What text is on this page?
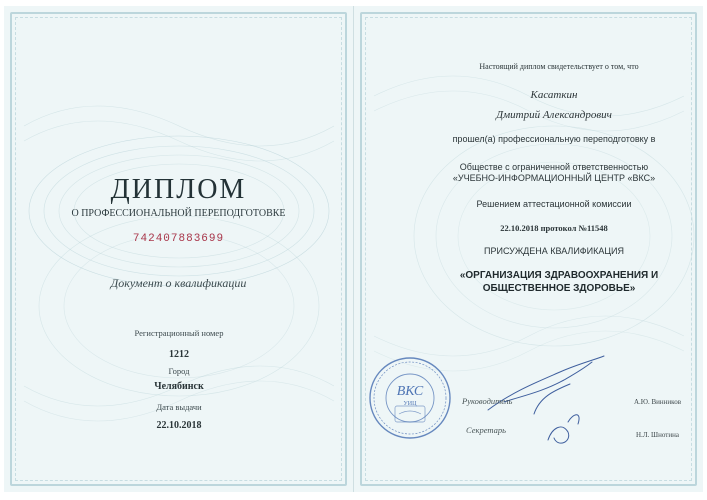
ДИПЛОМ
О ПРОФЕССИОНАЛЬНОЙ ПЕРЕПОДГОТОВКЕ
742407883699
Документ о квалификации
Регистрационный номер
1212
Город
Челябинск
Дата выдачи
22.10.2018
Настоящий диплом свидетельствует о том, что
Касаткин
Дмитрий Александрович
прошел(а) профессиональную переподготовку в
Обществе с ограниченной ответственностью
«УЧЕБНО-ИНФОРМАЦИОННЫЙ ЦЕНТР «ВКС»
Решением аттестационной комиссии
22.10.2018 протокол №11548
ПРИСУЖДЕНА КВАЛИФИКАЦИЯ
«ОРГАНИЗАЦИЯ ЗДРАВООХРАНЕНИЯ И
ОБЩЕСТВЕННОЕ ЗДОРОВЬЕ»
ВКС
УИЦ	Руководитель	А.Ю. Винников
Секретарь	Н.Л. Шнотина
